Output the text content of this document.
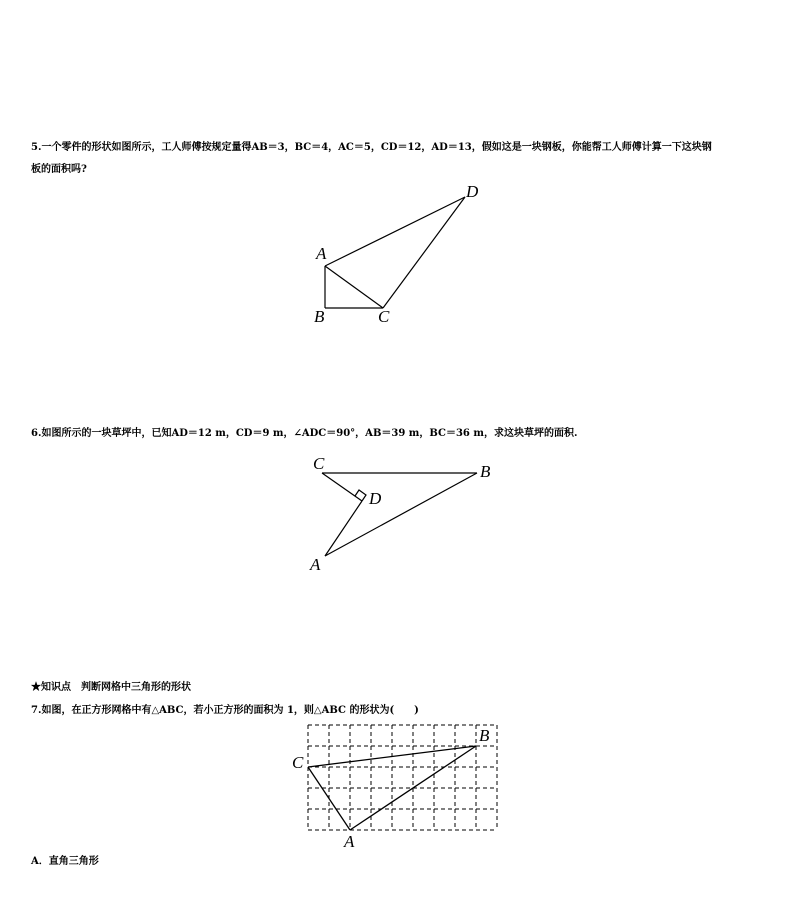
5.一个零件的形状如图所示，工人师傅按规定量得AB＝3，BC＝4，AC＝5，CD＝12，AD＝13，假如这是一块钢板，你能帮工人师傅计算一下这块钢
板的面积吗?
A
B	C
D
6.如图所示的一块草坪中，已知AD＝12 m，CD＝9 m，∠ADC＝90°，AB＝39 m，BC＝36 m，求这块草坪的面积.
C	B
D
A
★知识点　判断网格中三角形的形状
7.如图，在正方形网格中有△ABC，若小正方形的面积为 1，则△ABC 的形状为(　　)
C
B
A
A．直角三角形
